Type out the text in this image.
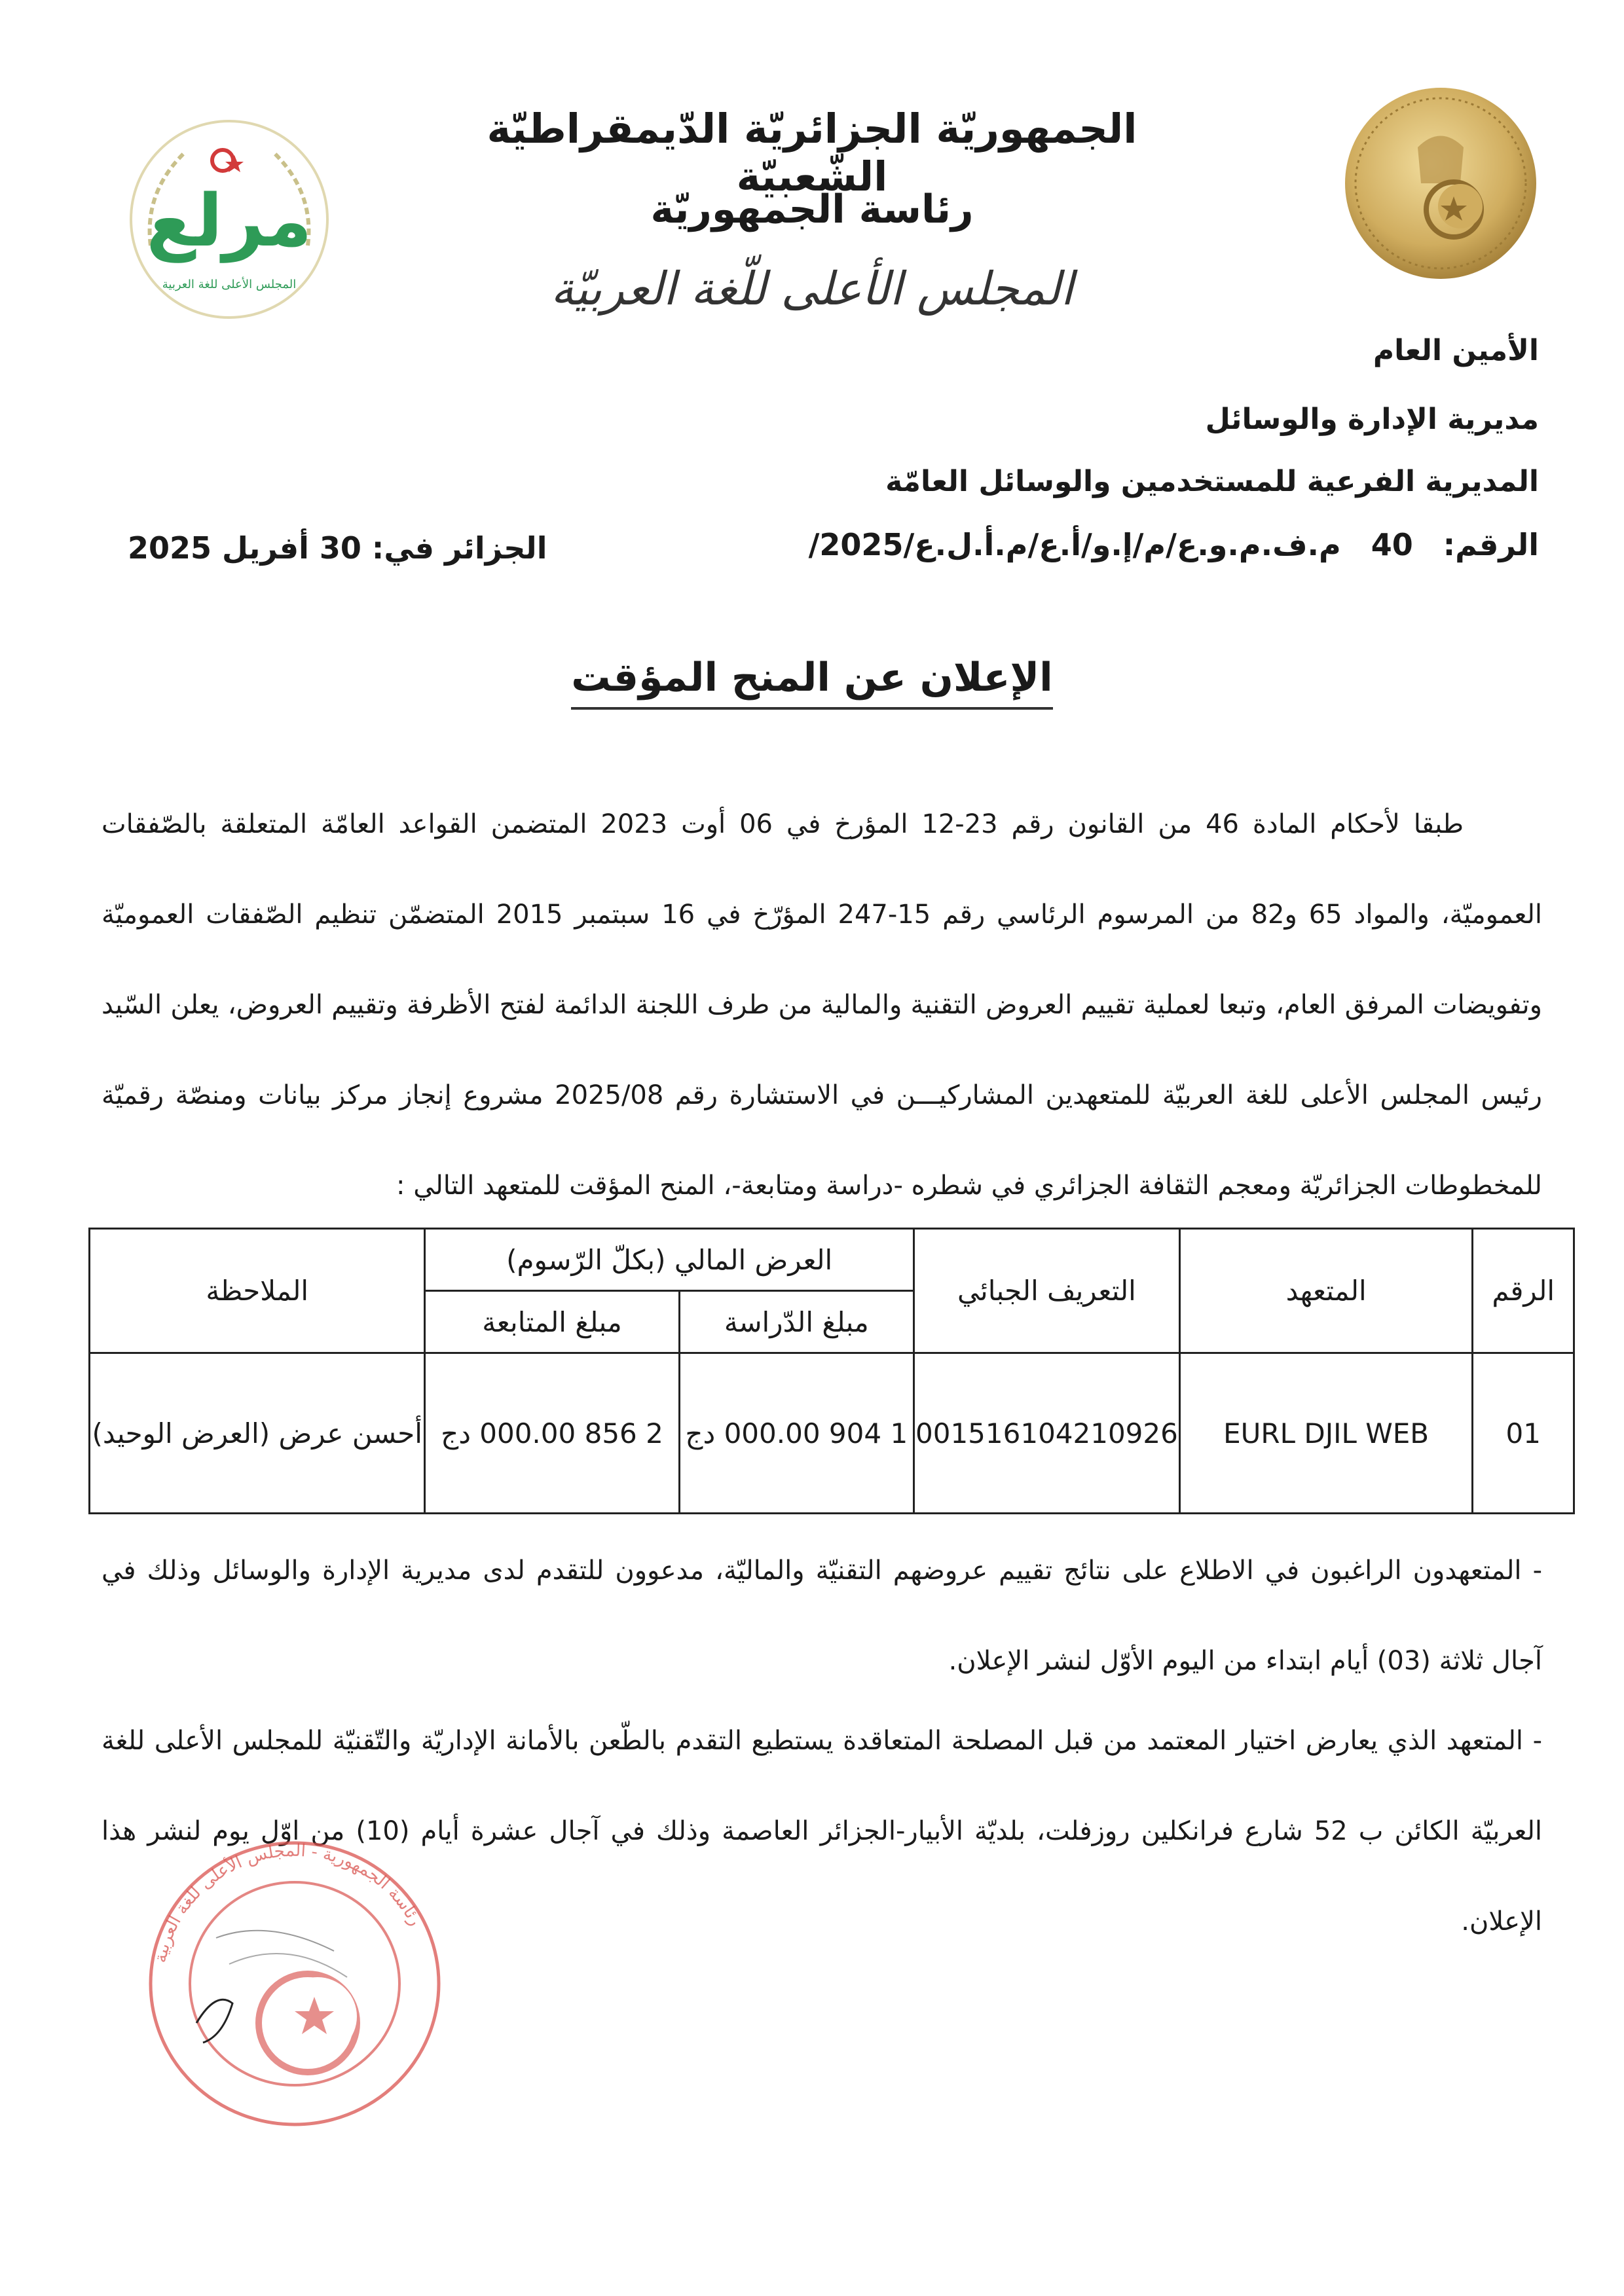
مرلع
المجلس الأعلى للغة العربية
الجمهوريّة الجزائريّة الدّيمقراطيّة الشّعبيّة
رئاسة الجمهوريّة
المجلس الأعلى للّغة العربيّة
الأمين العام
مديرية الإدارة والوسائل
المديرية الفرعية للمستخدمين والوسائل العامّة
الرقم: 40 /م.ف.م.و.ع/م/إ.و/أ.ع/م.أ.ل.ع/2025
الجزائر في: 30 أفريل 2025
الإعلان عن المنح المؤقت
طبقا لأحكام المادة 46 من القانون رقم 23-12 المؤرخ في 06 أوت 2023 المتضمن القواعد العامّة المتعلقة بالصّفقات العموميّة، والمواد 65 و82 من المرسوم الرئاسي رقم 15-247 المؤرّخ في 16 سبتمبر 2015 المتضمّن تنظيم الصّفقات العموميّة وتفويضات المرفق العام، وتبعا لعملية تقييم العروض التقنية والمالية من طرف اللجنة الدائمة لفتح الأظرفة وتقييم العروض، يعلن السّيد رئيس المجلس الأعلى للغة العربيّة للمتعهدين المشاركيـــن في الاستشارة رقم 2025/08 مشروع إنجاز مركز بيانات ومنصّة رقميّة للمخطوطات الجزائريّة ومعجم الثقافة الجزائري في شطره -دراسة ومتابعة-، المنح المؤقت للمتعهد التالي :
الرقم	المتعهد	التعريف الجبائي	العرض المالي (بكلّ الرّسوم)		الملاحظة
			مبلغ الدّراسة	مبلغ المتابعة	
01	EURL DJIL WEB	001516104210926	1 904 000.00 دج	2 856 000.00 دج	أحسن عرض (العرض الوحيد)
- المتعهدون الراغبون في الاطلاع على نتائج تقييم عروضهم التقنيّة والماليّة، مدعوون للتقدم لدى مديرية الإدارة والوسائل وذلك في آجال ثلاثة (03) أيام ابتداء من اليوم الأوّل لنشر الإعلان.
- المتعهد الذي يعارض اختيار المعتمد من قبل المصلحة المتعاقدة يستطيع التقدم بالطّعن بالأمانة الإداريّة والتّقنيّة للمجلس الأعلى للغة العربيّة الكائن ب 52 شارع فرانكلين روزفلت، بلديّة الأبيار-الجزائر العاصمة وذلك في آجال عشرة أيام (10) من اوّل يوم لنشر هذا الإعلان.
رئاسة الجمهورية - المجلس الأعلى للغة العربية
